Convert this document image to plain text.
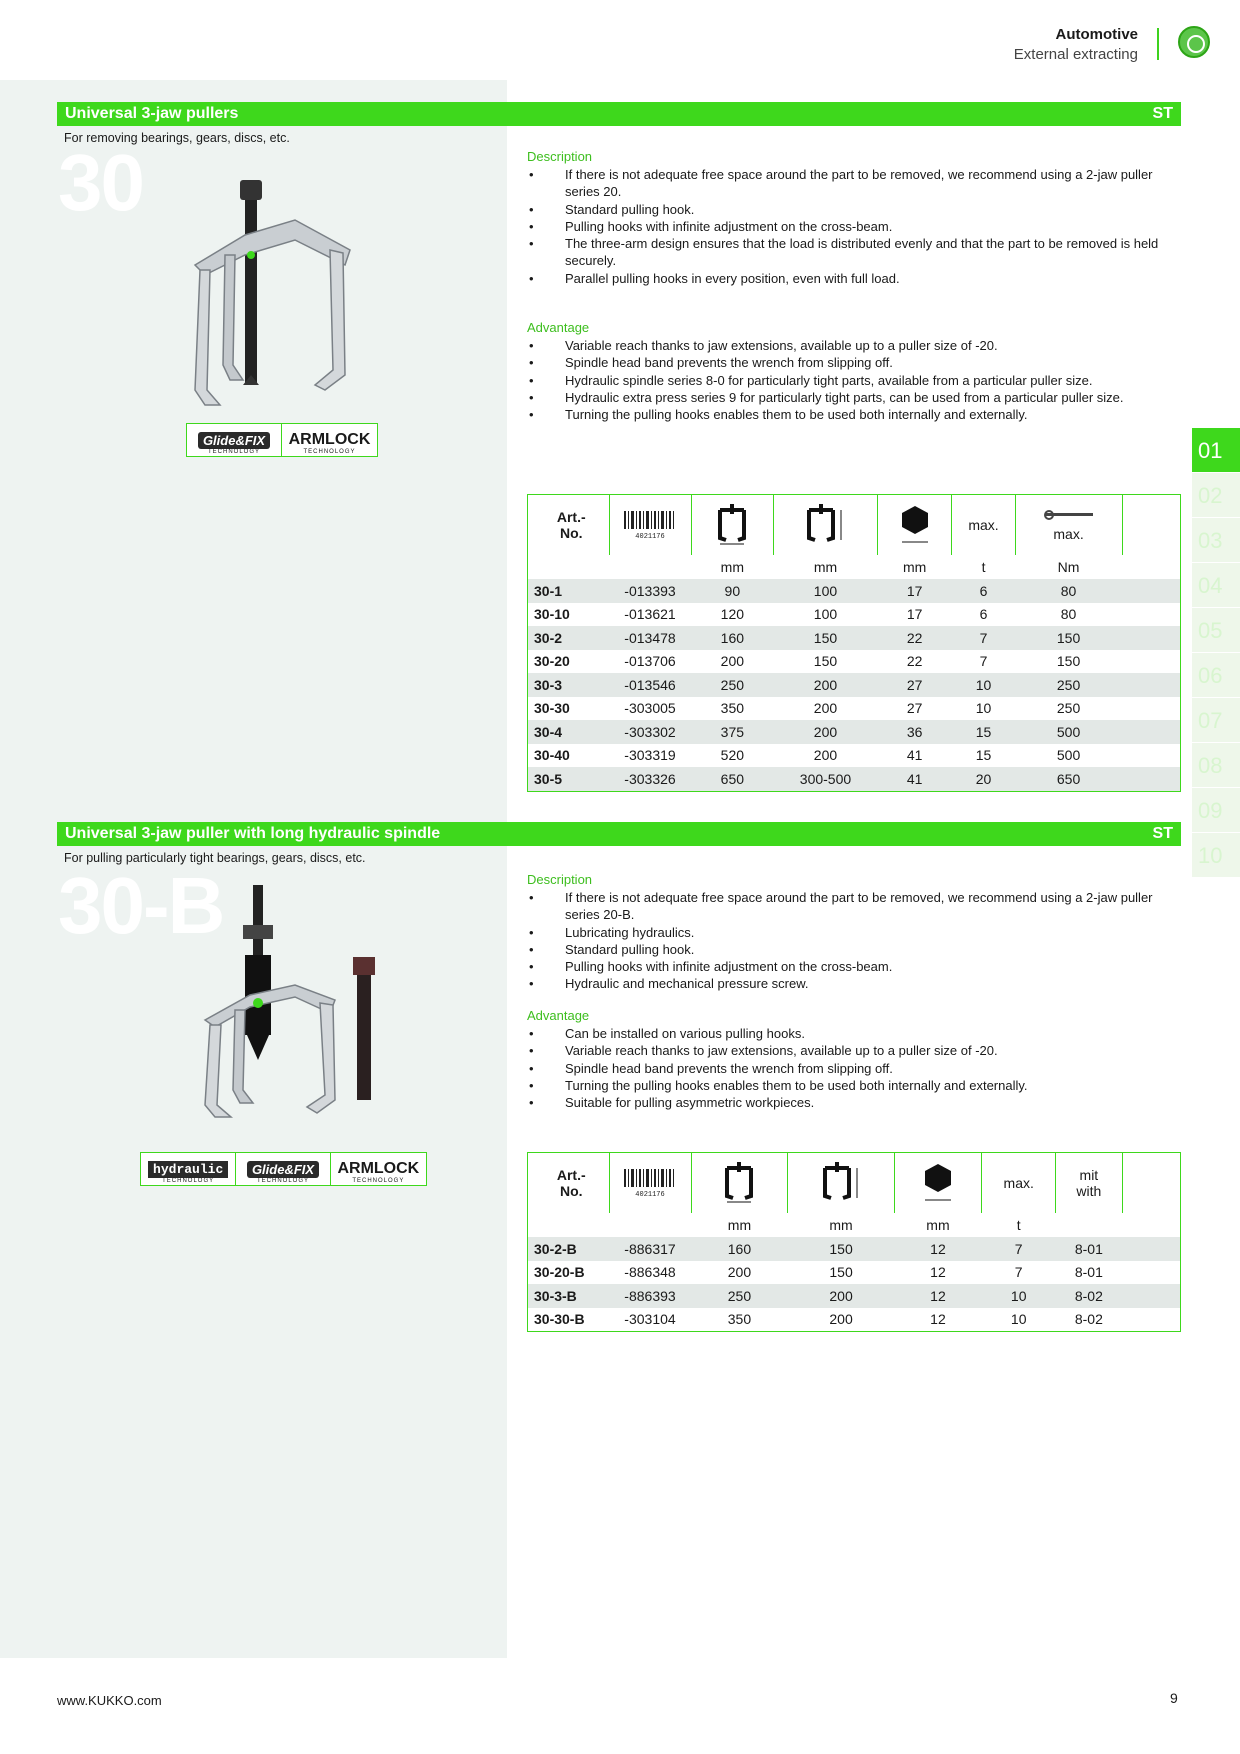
Automotive
External extracting
Universal 3-jaw pullers	ST
For removing bearings, gears, discs, etc.
30
Glide&FIX
TECHNOLOGY
ARMLOCK
TECHNOLOGY
Description
• If there is not adequate free space around the part to be removed, we recommend using a 2-jaw puller series 20.
• Standard pulling hook.
• Pulling hooks with infinite adjustment on the cross-beam.
• The three-arm design ensures that the load is distributed evenly and that the part to be removed is held securely.
• Parallel pulling hooks in every position, even with full load.
Advantage
• Variable reach thanks to jaw extensions, available up to a puller size of -20.
• Spindle head band prevents the wrench from slipping off.
• Hydraulic spindle series 8-0 for particularly tight parts, available from a particular puller size.
• Hydraulic extra press series 9 for particularly tight parts, can be used from a particular puller size.
• Turning the pulling hooks enables them to be used both internally and externally.
Art.-
No.	4021176				max.	max.	
		mm	mm	mm	t	Nm	
30-1	-013393	90	100	17	6	80	
30-10	-013621	120	100	17	6	80	
30-2	-013478	160	150	22	7	150	
30-20	-013706	200	150	22	7	150	
30-3	-013546	250	200	27	10	250	
30-30	-303005	350	200	27	10	250	
30-4	-303302	375	200	36	15	500	
30-40	-303319	520	200	41	15	500	
30-5	-303326	650	300-500	41	20	650	
Universal 3-jaw puller with long hydraulic spindle	ST
For pulling particularly tight bearings, gears, discs, etc.
30-B
hydraulic
TECHNOLOGY
Glide&FIX
TECHNOLOGY
ARMLOCK
TECHNOLOGY
Description
• If there is not adequate free space around the part to be removed, we recommend using a 2-jaw puller series 20-B.
• Lubricating hydraulics.
• Standard pulling hook.
• Pulling hooks with infinite adjustment on the cross-beam.
• Hydraulic and mechanical pressure screw.
Advantage
• Can be installed on various pulling hooks.
• Variable reach thanks to jaw extensions, available up to a puller size of -20.
• Spindle head band prevents the wrench from slipping off.
• Turning the pulling hooks enables them to be used both internally and externally.
• Suitable for pulling asymmetric workpieces.
Art.-
No.	4021176				max.	mit
with	
		mm	mm	mm	t		
30-2-B	-886317	160	150	12	7	8-01	
30-20-B	-886348	200	150	12	7	8-01	
30-3-B	-886393	250	200	12	10	8-02	
30-30-B	-303104	350	200	12	10	8-02	
01
02
03
04
05
06
07
08
09
10
www.KUKKO.com	9
